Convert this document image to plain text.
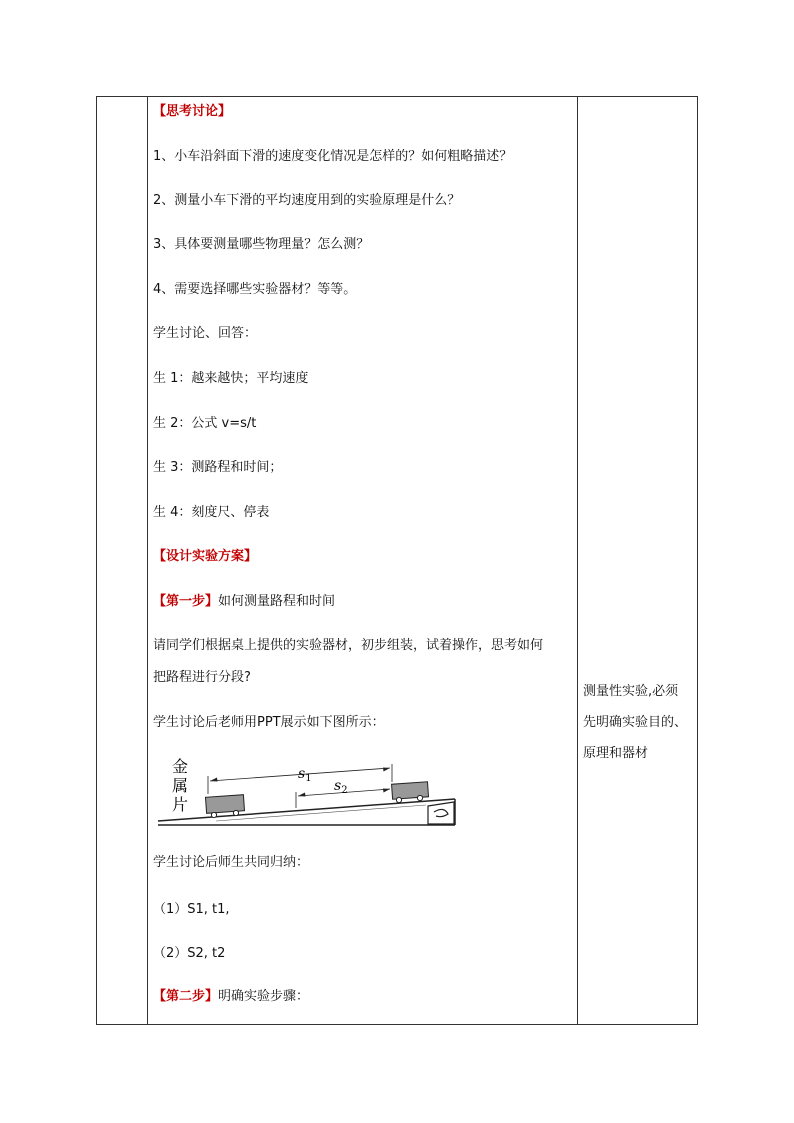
【思考讨论】
1、小车沿斜面下滑的速度变化情况是怎样的？如何粗略描述？
2、测量小车下滑的平均速度用到的实验原理是什么？
3、具体要测量哪些物理量？怎么测？
4、需要选择哪些实验器材？等等。
学生讨论、回答：
生 1：越来越快；平均速度
生 2：公式 v=s/t
生 3：测路程和时间；
生 4：刻度尺、停表
【设计实验方案】
【第一步】如何测量路程和时间
请同学们根据桌上提供的实验器材，初步组装，试着操作，思考如何
把路程进行分段?
学生讨论后老师用PPT展示如下图所示：
学生讨论后师生共同归纳：
（1）S1, t1,
（2）S2, t2
【第二步】明确实验步骤：
金
属
片
$s_1$ $s_2$
测量性实验,必须
先明确实验目的、
原理和器材
